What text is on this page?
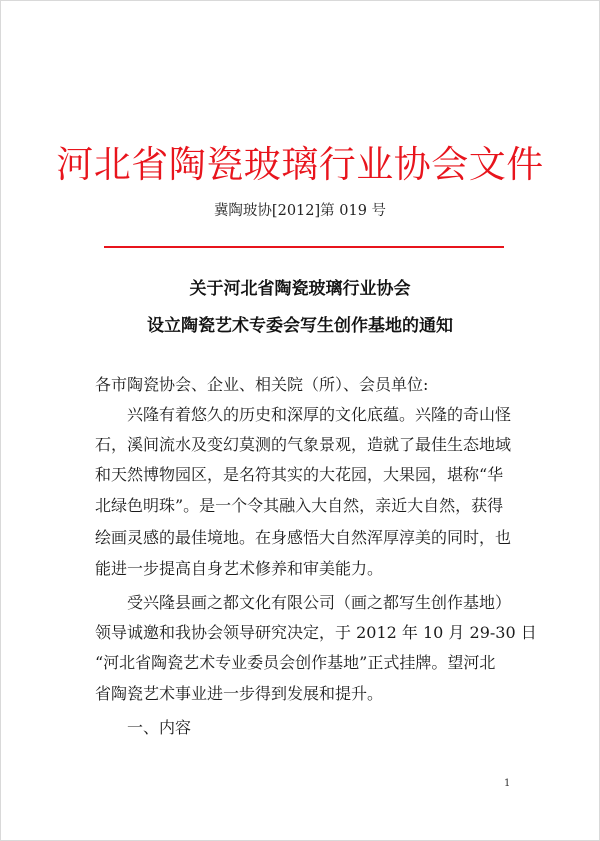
河北省陶瓷玻璃行业协会文件
冀陶玻协[2012]第 019 号
关于河北省陶瓷玻璃行业协会
设立陶瓷艺术专委会写生创作基地的通知
各市陶瓷协会、企业、相关院（所）、会员单位:
　　兴隆有着悠久的历史和深厚的文化底蕴。兴隆的奇山怪
石，溪间流水及变幻莫测的气象景观，造就了最佳生态地域
和天然博物园区，是名符其实的大花园，大果园，堪称“华
北绿色明珠”。是一个令其融入大自然，亲近大自然，获得
绘画灵感的最佳境地。在身感悟大自然浑厚淳美的同时，也
能进一步提高自身艺术修养和审美能力。
　　受兴隆县画之都文化有限公司（画之都写生创作基地）
领导诚邀和我协会领导研究决定，于 2012 年 10 月 29-30 日
“河北省陶瓷艺术专业委员会创作基地”正式挂牌。望河北
省陶瓷艺术事业进一步得到发展和提升。
　　一、内容
1
